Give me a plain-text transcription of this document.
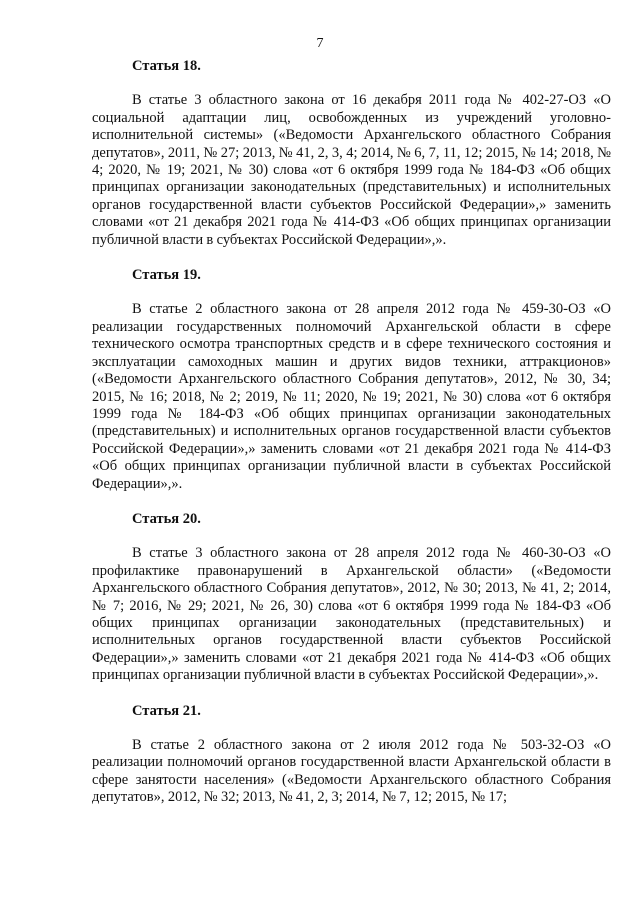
7

Статья 18.

В статье 3 областного закона от 16 декабря 2011 года № 402-27-ОЗ «О социальной адаптации лиц, освобожденных из учреждений уголовно-исполнительной системы» («Ведомости Архангельского областного Собрания депутатов», 2011, № 27; 2013, № 41, 2, 3, 4; 2014, № 6, 7, 11, 12; 2015, № 14; 2018, № 4; 2020, № 19; 2021, № 30) слова «от 6 октября 1999 года № 184-ФЗ «Об общих принципах организации законодательных (представительных) и исполнительных органов государственной власти субъектов Российской Федерации»,» заменить словами «от 21 декабря 2021 года № 414-ФЗ «Об общих принципах организации публичной власти в субъектах Российской Федерации»,».

Статья 19.

В статье 2 областного закона от 28 апреля 2012 года № 459-30-ОЗ «О реализации государственных полномочий Архангельской области в сфере технического осмотра транспортных средств и в сфере технического состояния и эксплуатации самоходных машин и других видов техники, аттракционов» («Ведомости Архангельского областного Собрания депутатов», 2012, № 30, 34; 2015, № 16; 2018, № 2; 2019, № 11; 2020, № 19; 2021, № 30) слова «от 6 октября 1999 года № 184-ФЗ «Об общих принципах организации законодательных (представительных) и исполнительных органов государственной власти субъектов Российской Федерации»,» заменить словами «от 21 декабря 2021 года № 414-ФЗ «Об общих принципах организации публичной власти в субъектах Российской Федерации»,».

Статья 20.

В статье 3 областного закона от 28 апреля 2012 года № 460-30-ОЗ «О профилактике правонарушений в Архангельской области» («Ведомости Архангельского областного Собрания депутатов», 2012, № 30; 2013, № 41, 2; 2014, № 7; 2016, № 29; 2021, № 26, 30) слова «от 6 октября 1999 года № 184-ФЗ «Об общих принципах организации законодательных (представительных) и исполнительных органов государственной власти субъектов Российской Федерации»,» заменить словами «от 21 декабря 2021 года № 414-ФЗ «Об общих принципах организации публичной власти в субъектах Российской Федерации»,».

Статья 21.

В статье 2 областного закона от 2 июля 2012 года № 503-32-ОЗ «О реализации полномочий органов государственной власти Архангельской области в сфере занятости населения» («Ведомости Архангельского областного Собрания депутатов», 2012, № 32; 2013, № 41, 2, 3; 2014, № 7, 12; 2015, № 17;
